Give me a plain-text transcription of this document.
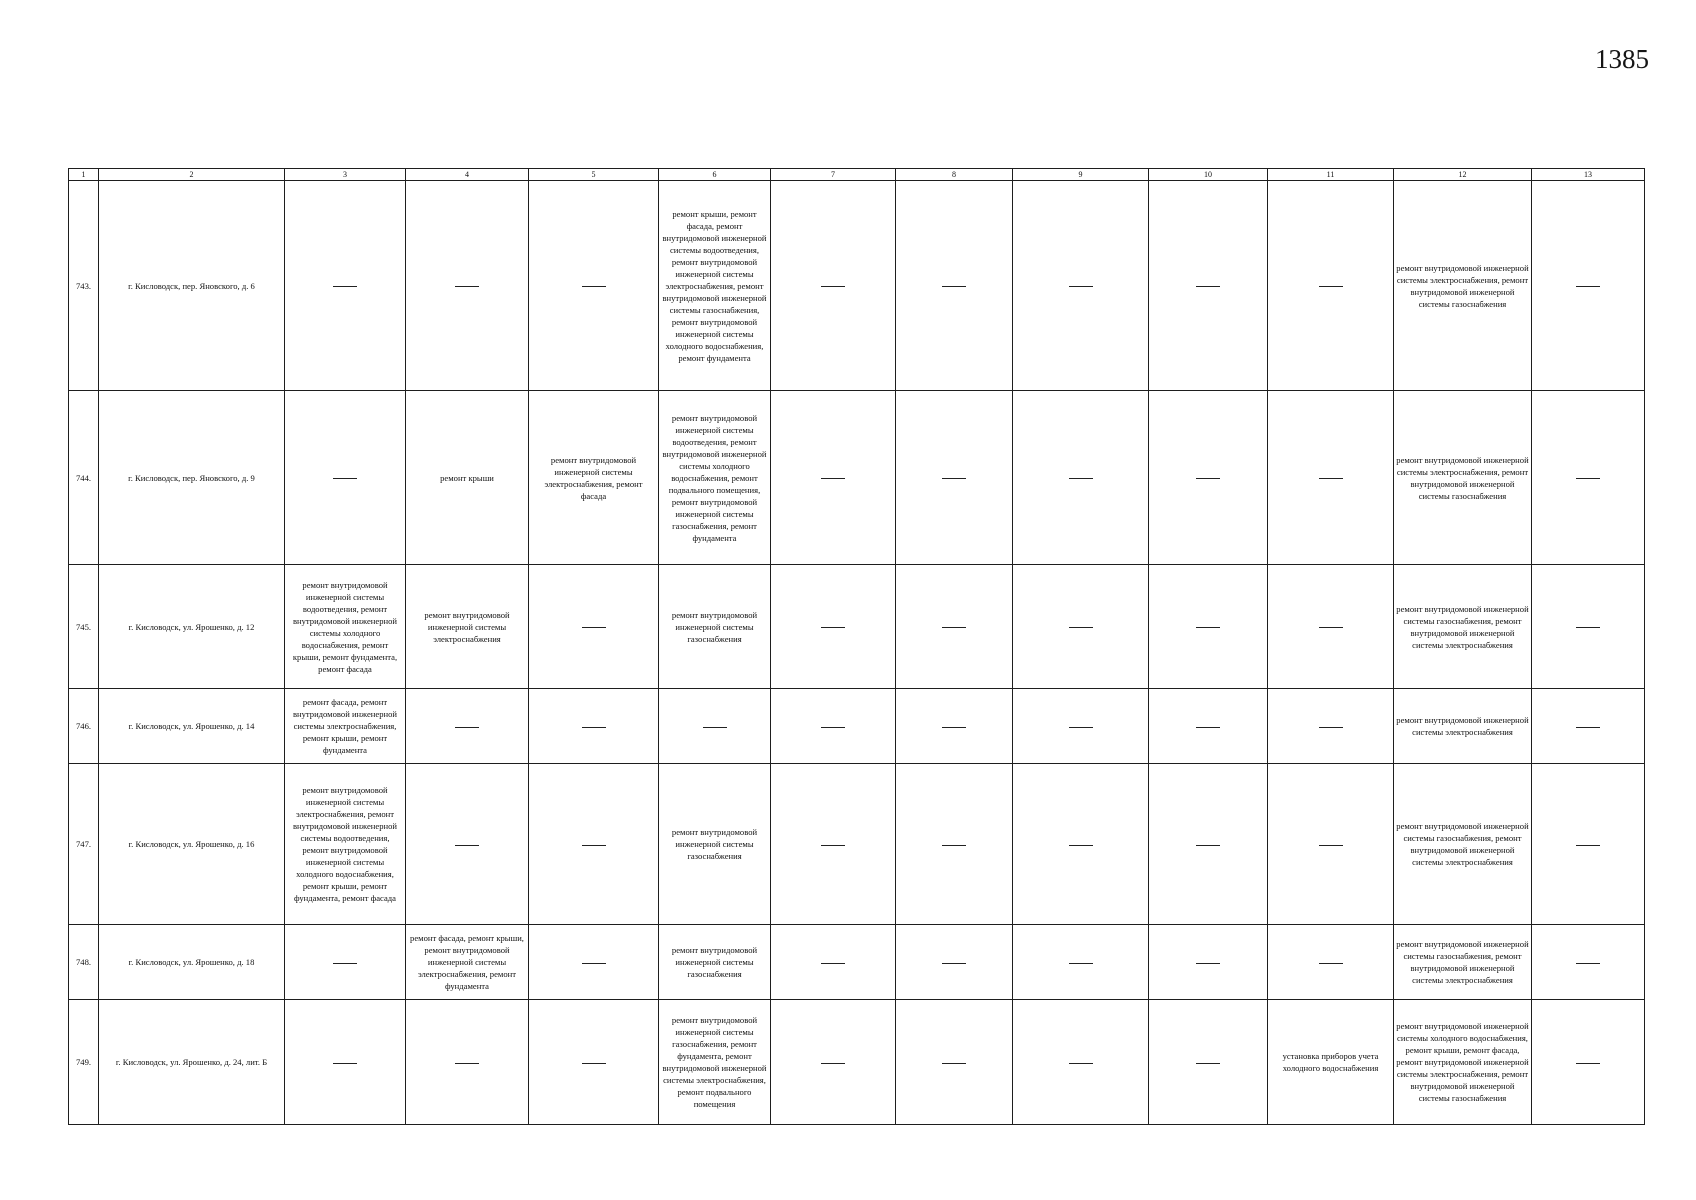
1385
1	2	3	4	5	6	7	8	9	10	11	12	13
743.	г. Кисловодск, пер. Яновского, д. 6				ремонт крыши, ремонт фасада, ремонт внутридомовой инженерной системы водоотведения, ремонт внутридомовой инженерной системы электроснабжения, ремонт внутридомовой инженерной системы газоснабжения, ремонт внутридомовой инженерной системы холодного водоснабжения, ремонт фундамента						ремонт внутридомовой инженерной системы электроснабжения, ремонт внутридомовой инженерной системы газоснабжения	
744.	г. Кисловодск, пер. Яновского, д. 9		ремонт крыши	ремонт внутридомовой инженерной системы электроснабжения, ремонт фасада	ремонт внутридомовой инженерной системы водоотведения, ремонт внутридомовой инженерной системы холодного водоснабжения, ремонт подвального помещения, ремонт внутридомовой инженерной системы газоснабжения, ремонт фундамента						ремонт внутридомовой инженерной системы электроснабжения, ремонт внутридомовой инженерной системы газоснабжения	
745.	г. Кисловодск, ул. Ярошенко, д. 12	ремонт внутридомовой инженерной системы водоотведения, ремонт внутридомовой инженерной системы холодного водоснабжения, ремонт крыши, ремонт фундамента, ремонт фасада	ремонт внутридомовой инженерной системы электроснабжения		ремонт внутридомовой инженерной системы газоснабжения						ремонт внутридомовой инженерной системы газоснабжения, ремонт внутридомовой инженерной системы электроснабжения	
746.	г. Кисловодск, ул. Ярошенко, д. 14	ремонт фасада, ремонт внутридомовой инженерной системы электроснабжения, ремонт крыши, ремонт фундамента									ремонт внутридомовой инженерной системы электроснабжения	
747.	г. Кисловодск, ул. Ярошенко, д. 16	ремонт внутридомовой инженерной системы электроснабжения, ремонт внутридомовой инженерной системы водоотведения, ремонт внутридомовой инженерной системы холодного водоснабжения, ремонт крыши, ремонт фундамента, ремонт фасада			ремонт внутридомовой инженерной системы газоснабжения						ремонт внутридомовой инженерной системы газоснабжения, ремонт внутридомовой инженерной системы электроснабжения	
748.	г. Кисловодск, ул. Ярошенко, д. 18		ремонт фасада, ремонт крыши, ремонт внутридомовой инженерной системы электроснабжения, ремонт фундамента		ремонт внутридомовой инженерной системы газоснабжения						ремонт внутридомовой инженерной системы газоснабжения, ремонт внутридомовой инженерной системы электроснабжения	
749.	г. Кисловодск, ул. Ярошенко, д. 24, лит. Б				ремонт внутридомовой инженерной системы газоснабжения, ремонт фундамента, ремонт внутридомовой инженерной системы электроснабжения, ремонт подвального помещения					установка приборов учета холодного водоснабжения	ремонт внутридомовой инженерной системы холодного водоснабжения, ремонт крыши, ремонт фасада, ремонт внутридомовой инженерной системы электроснабжения, ремонт внутридомовой инженерной системы газоснабжения	
